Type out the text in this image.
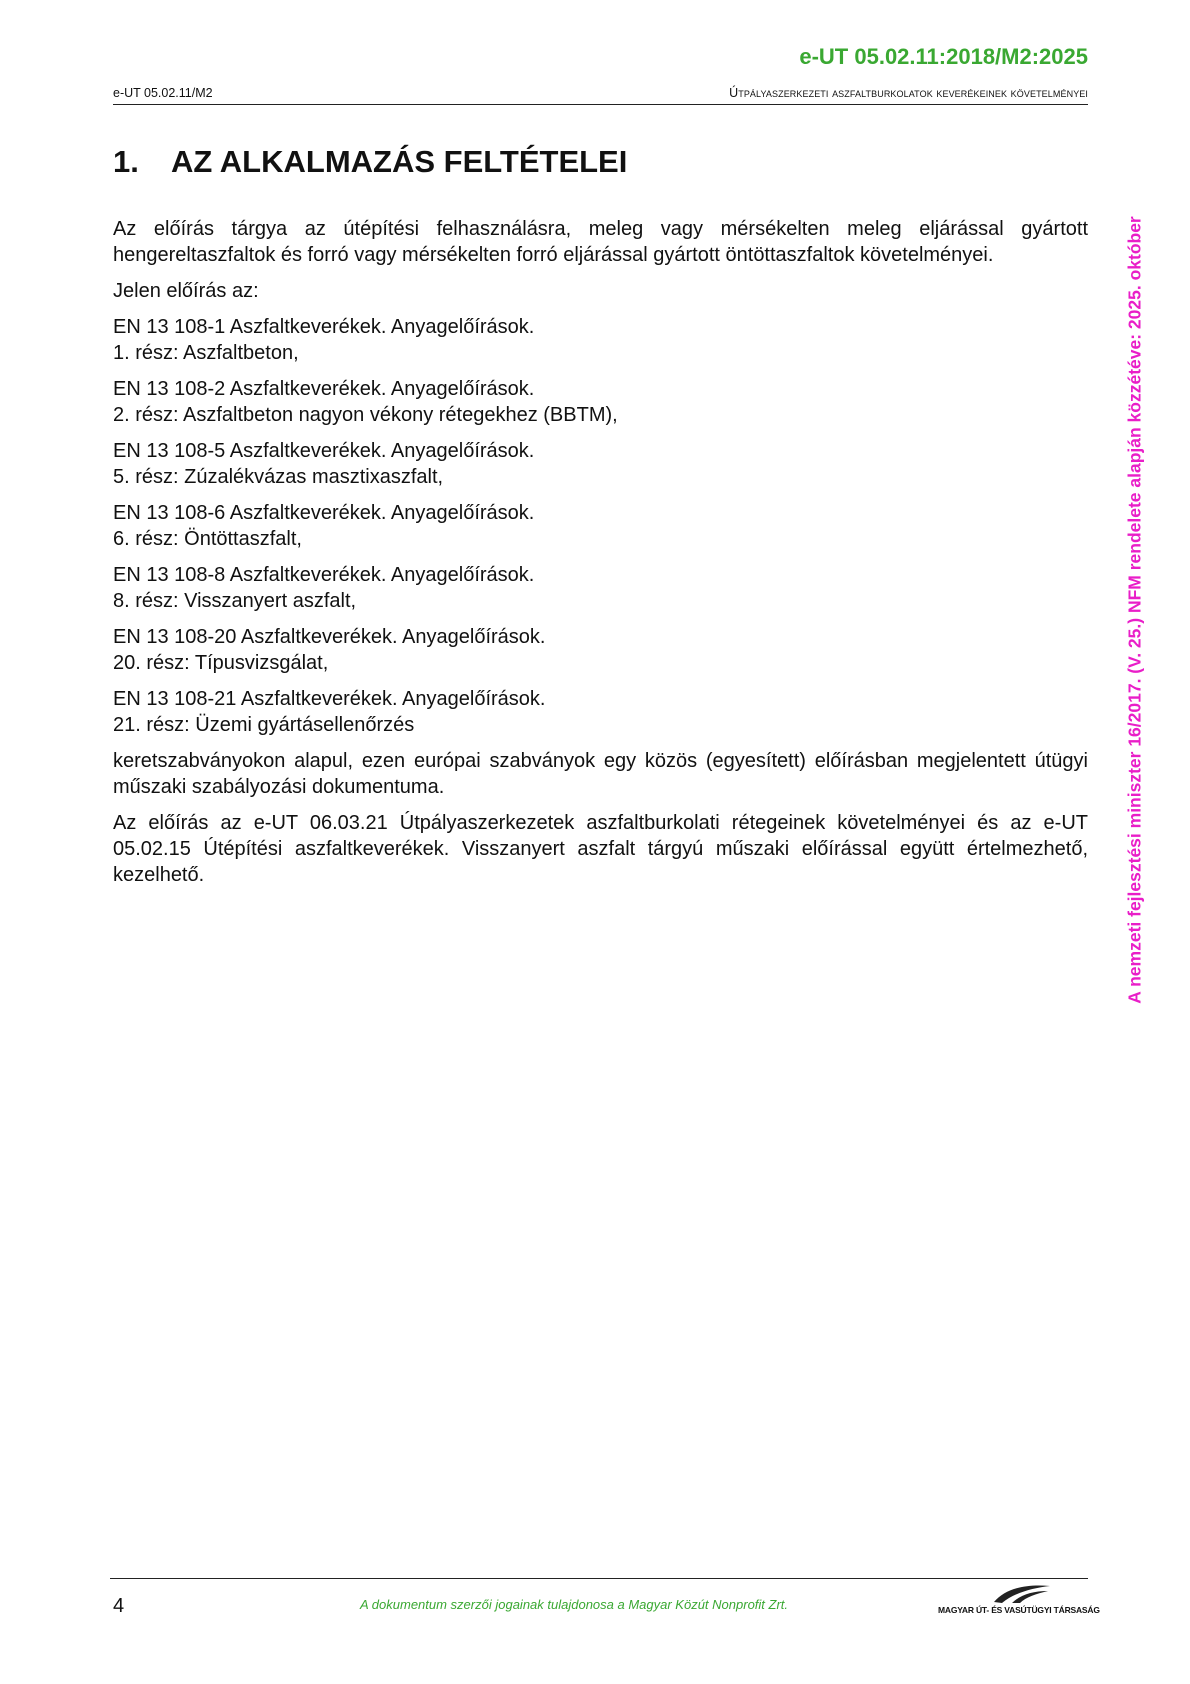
e-UT 05.02.11:2018/M2:2025
e-UT 05.02.11/M2	Útpályaszerkezeti aszfaltburkolatok keverékeinek követelményei
1. AZ ALKALMAZÁS FELTÉTELEI

Az előírás tárgya az útépítési felhasználásra, meleg vagy mérsékelten meleg eljárással gyártott hengereltaszfaltok és forró vagy mérsékelten forró eljárással gyártott öntöttaszfaltok követelményei.

Jelen előírás az:

EN 13 108-1 Aszfaltkeverékek. Anyagelőírások.
1. rész: Aszfaltbeton,
EN 13 108-2 Aszfaltkeverékek. Anyagelőírások.
2. rész: Aszfaltbeton nagyon vékony rétegekhez (BBTM),
EN 13 108-5 Aszfaltkeverékek. Anyagelőírások.
5. rész: Zúzalékvázas masztixaszfalt,
EN 13 108-6 Aszfaltkeverékek. Anyagelőírások.
6. rész: Öntöttaszfalt,
EN 13 108-8 Aszfaltkeverékek. Anyagelőírások.
8. rész: Visszanyert aszfalt,
EN 13 108-20 Aszfaltkeverékek. Anyagelőírások.
20. rész: Típusvizsgálat,
EN 13 108-21 Aszfaltkeverékek. Anyagelőírások.
21. rész: Üzemi gyártásellenőrzés

keretszabványokon alapul, ezen európai szabványok egy közös (egyesített) előírásban megjelentett útügyi műszaki szabályozási dokumentuma.

Az előírás az e-UT 06.03.21 Útpályaszerkezetek aszfaltburkolati rétegeinek követelményei és az e-UT 05.02.15 Útépítési aszfaltkeverékek. Visszanyert aszfalt tárgyú műszaki előírással együtt értelmezhető, kezelhető.	A nemzeti fejlesztési miniszter 16/2017. (V. 25.) NFM rendelete alapján közzétéve: 2025. október
4	A dokumentum szerzői jogainak tulajdonosa a Magyar Közút Nonprofit Zrt.	MAGYAR ÚT- ÉS VASÚTÜGYI TÁRSASÁG
